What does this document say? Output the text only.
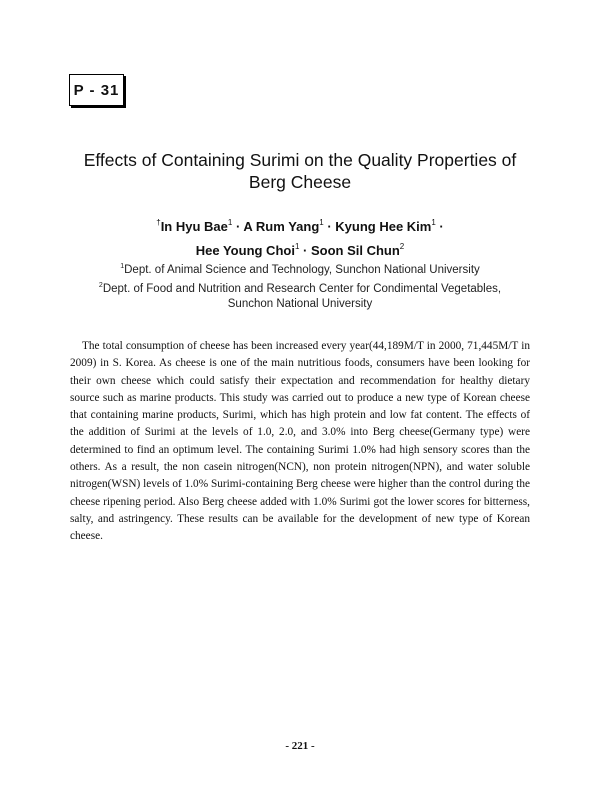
P - 31
Effects of Containing Surimi on the Quality Properties of
Berg Cheese
†In Hyu Bae$^1$ · A Rum Yang$^1$ · Kyung Hee Kim$^1$ ·
Hee Young Choi$^1$ · Soon Sil Chun$^2$
$^1$Dept. of Animal Science and Technology, Sunchon National University
$^2$Dept. of Food and Nutrition and Research Center for Condimental Vegetables,
Sunchon National University

The total consumption of cheese has been increased every year(44,189M/T in 2000, 71,445M/T in 2009) in S. Korea. As cheese is one of the main nutritious foods, consumers have been looking for their own cheese which could satisfy their expectation and recommendation for healthy dietary source such as marine products. This study was carried out to produce a new type of Korean cheese that containing marine products, Surimi, which has high protein and low fat content. The effects of the addition of Surimi at the levels of 1.0, 2.0, and 3.0% into Berg cheese(Germany type) were determined to find an optimum level. The containing Surimi 1.0% had high sensory scores than the others. As a result, the non casein nitrogen(NCN), non protein nitrogen(NPN), and water soluble nitrogen(WSN) levels of 1.0% Surimi-containing Berg cheese were higher than the control during the cheese ripening period. Also Berg cheese added with 1.0% Surimi got the lower scores for bitterness, salty, and astringency. These results can be available for the development of new type of Korean cheese.

- 221 -
